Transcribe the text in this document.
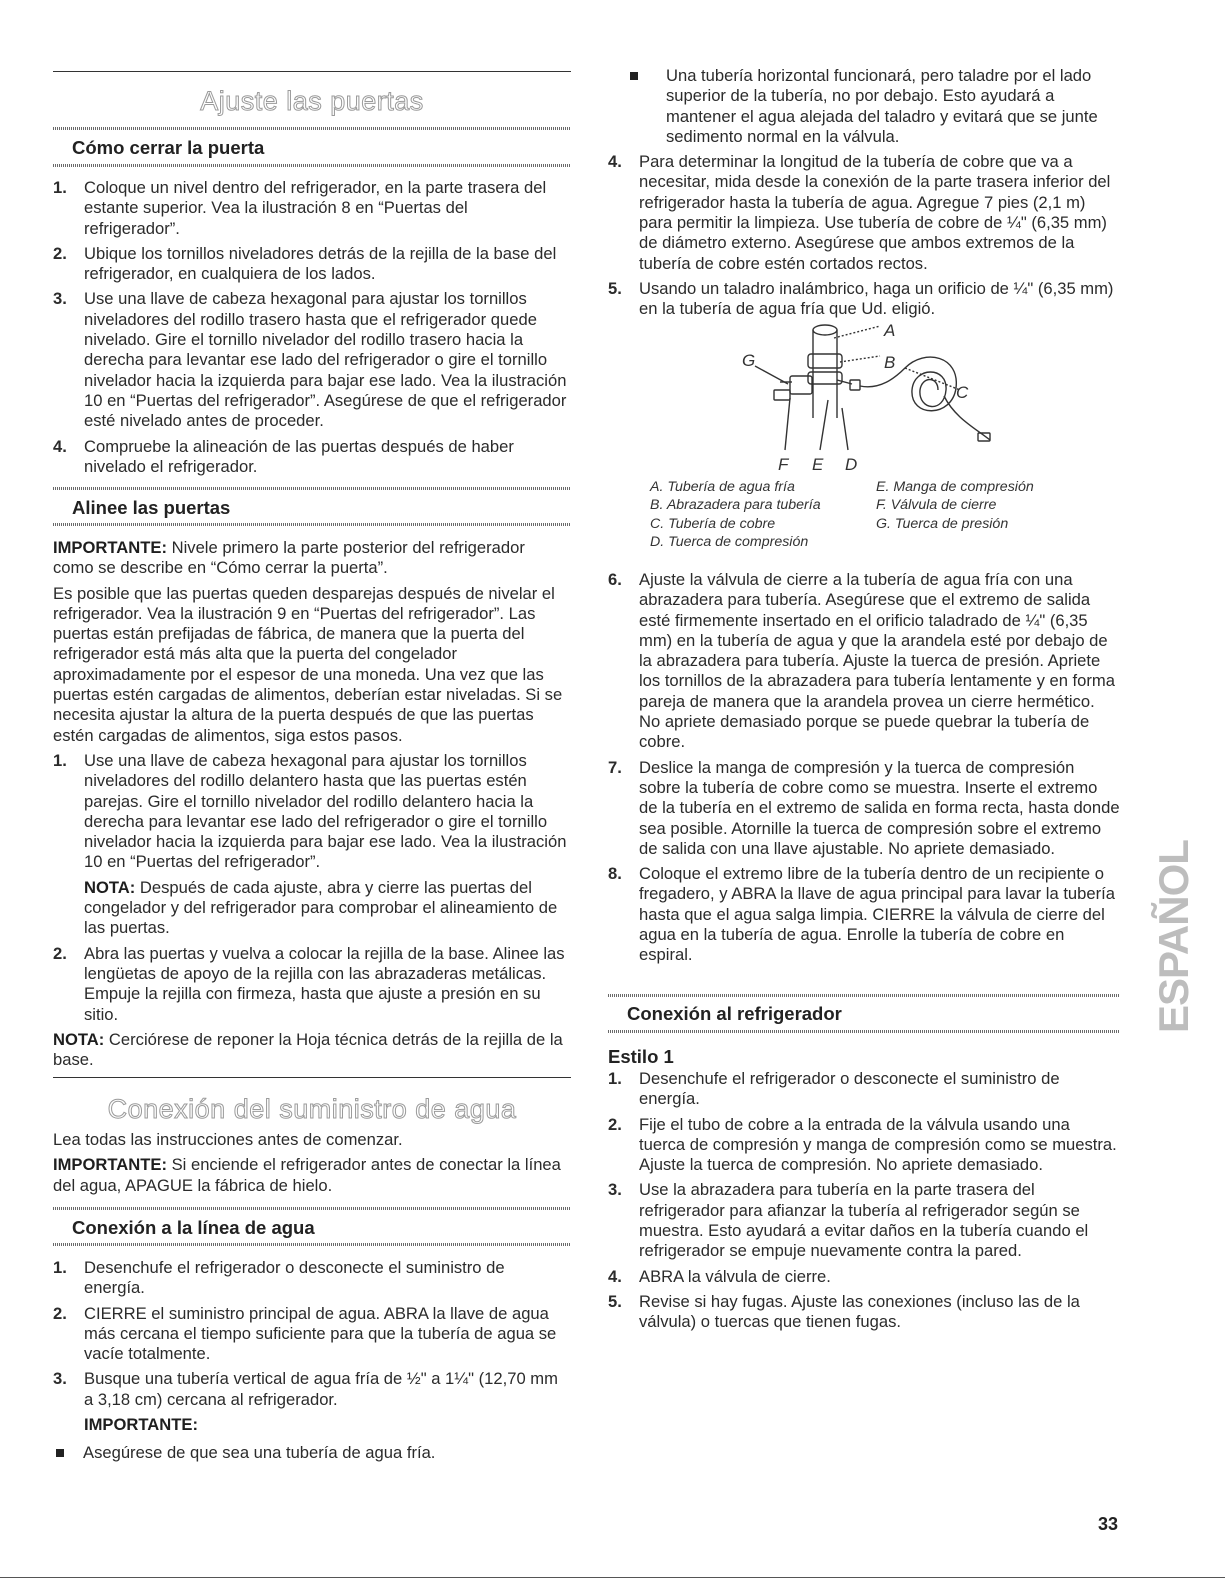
Ajuste las puertas
Cómo cerrar la puerta
1. Coloque un nivel dentro del refrigerador, en la parte trasera del estante superior. Vea la ilustración 8 en “Puertas del refrigerador”.
2. Ubique los tornillos niveladores detrás de la rejilla de la base del refrigerador, en cualquiera de los lados.
3. Use una llave de cabeza hexagonal para ajustar los tornillos niveladores del rodillo trasero hasta que el refrigerador quede nivelado. Gire el tornillo nivelador del rodillo trasero hacia la derecha para levantar ese lado del refrigerador o gire el tornillo nivelador hacia la izquierda para bajar ese lado. Vea la ilustración 10 en “Puertas del refrigerador”. Asegúrese de que el refrigerador esté nivelado antes de proceder.
4. Compruebe la alineación de las puertas después de haber nivelado el refrigerador.
Alinee las puertas

IMPORTANTE: Nivele primero la parte posterior del refrigerador como se describe en “Cómo cerrar la puerta”.

Es posible que las puertas queden desparejas después de nivelar el refrigerador. Vea la ilustración 9 en “Puertas del refrigerador”. Las puertas están prefijadas de fábrica, de manera que la puerta del refrigerador está más alta que la puerta del congelador aproximadamente por el espesor de una moneda. Una vez que las puertas estén cargadas de alimentos, deberían estar niveladas. Si se necesita ajustar la altura de la puerta después de que las puertas estén cargadas de alimentos, siga estos pasos.

1. Use una llave de cabeza hexagonal para ajustar los tornillos niveladores del rodillo delantero hasta que las puertas estén parejas. Gire el tornillo nivelador del rodillo delantero hacia la derecha para levantar ese lado del refrigerador o gire el tornillo nivelador hacia la izquierda para bajar ese lado. Vea la ilustración 10 en “Puertas del refrigerador”.
NOTA: Después de cada ajuste, abra y cierre las puertas del congelador y del refrigerador para comprobar el alineamiento de las puertas.
2. Abra las puertas y vuelva a colocar la rejilla de la base. Alinee las lengüetas de apoyo de la rejilla con las abrazaderas metálicas. Empuje la rejilla con firmeza, hasta que ajuste a presión en su sitio.

NOTA: Cerciórese de reponer la Hoja técnica detrás de la rejilla de la base.

Conexión del suministro de agua

Lea todas las instrucciones antes de comenzar.

IMPORTANTE: Si enciende el refrigerador antes de conectar la línea del agua, APAGUE la fábrica de hielo.

Conexión a la línea de agua
1. Desenchufe el refrigerador o desconecte el suministro de energía.
2. CIERRE el suministro principal de agua. ABRA la llave de agua más cercana el tiempo suficiente para que la tubería de agua se vacíe totalmente.
3. Busque una tubería vertical de agua fría de ½" a 1¼" (12,70 mm a 3,18 cm) cercana al refrigerador.
IMPORTANTE:
Asegúrese de que sea una tubería de agua fría.
Una tubería horizontal funcionará, pero taladre por el lado superior de la tubería, no por debajo. Esto ayudará a mantener el agua alejada del taladro y evitará que se junte sedimento normal en la válvula.
4. Para determinar la longitud de la tubería de cobre que va a necesitar, mida desde la conexión de la parte trasera inferior del refrigerador hasta la tubería de agua. Agregue 7 pies (2,1 m) para permitir la limpieza. Use tubería de cobre de ¼" (6,35 mm) de diámetro externo. Asegúrese que ambos extremos de la tubería de cobre estén cortados rectos.
5. Usando un taladro inalámbrico, haga un orificio de ¼" (6,35 mm) en la tubería de agua fría que Ud. eligió.
A
B
C
D
E
F
G
A. Tubería de agua fría
B. Abrazadera para tubería
C. Tubería de cobre
D. Tuerca de compresión
E. Manga de compresión
F. Válvula de cierre
G. Tuerca de presión
6. Ajuste la válvula de cierre a la tubería de agua fría con una abrazadera para tubería. Asegúrese que el extremo de salida esté firmemente insertado en el orificio taladrado de ¼" (6,35 mm) en la tubería de agua y que la arandela esté por debajo de la abrazadera para tubería. Ajuste la tuerca de presión. Apriete los tornillos de la abrazadera para tubería lentamente y en forma pareja de manera que la arandela provea un cierre hermético. No apriete demasiado porque se puede quebrar la tubería de cobre.
7. Deslice la manga de compresión y la tuerca de compresión sobre la tubería de cobre como se muestra. Inserte el extremo de la tubería en el extremo de salida en forma recta, hasta donde sea posible. Atornille la tuerca de compresión sobre el extremo de salida con una llave ajustable. No apriete demasiado.
8. Coloque el extremo libre de la tubería dentro de un recipiente o fregadero, y ABRA la llave de agua principal para lavar la tubería hasta que el agua salga limpia. CIERRE la válvula de cierre del agua en la tubería de agua. Enrolle la tubería de cobre en espiral.
Conexión al refrigerador
Estilo 1
1. Desenchufe el refrigerador o desconecte el suministro de energía.
2. Fije el tubo de cobre a la entrada de la válvula usando una tuerca de compresión y manga de compresión como se muestra. Ajuste la tuerca de compresión. No apriete demasiado.
3. Use la abrazadera para tubería en la parte trasera del refrigerador para afianzar la tubería al refrigerador según se muestra. Esto ayudará a evitar daños en la tubería cuando el refrigerador se empuje nuevamente contra la pared.
4. ABRA la válvula de cierre.
5. Revise si hay fugas. Ajuste las conexiones (incluso las de la válvula) o tuercas que tienen fugas.
ESPAÑOL
33
